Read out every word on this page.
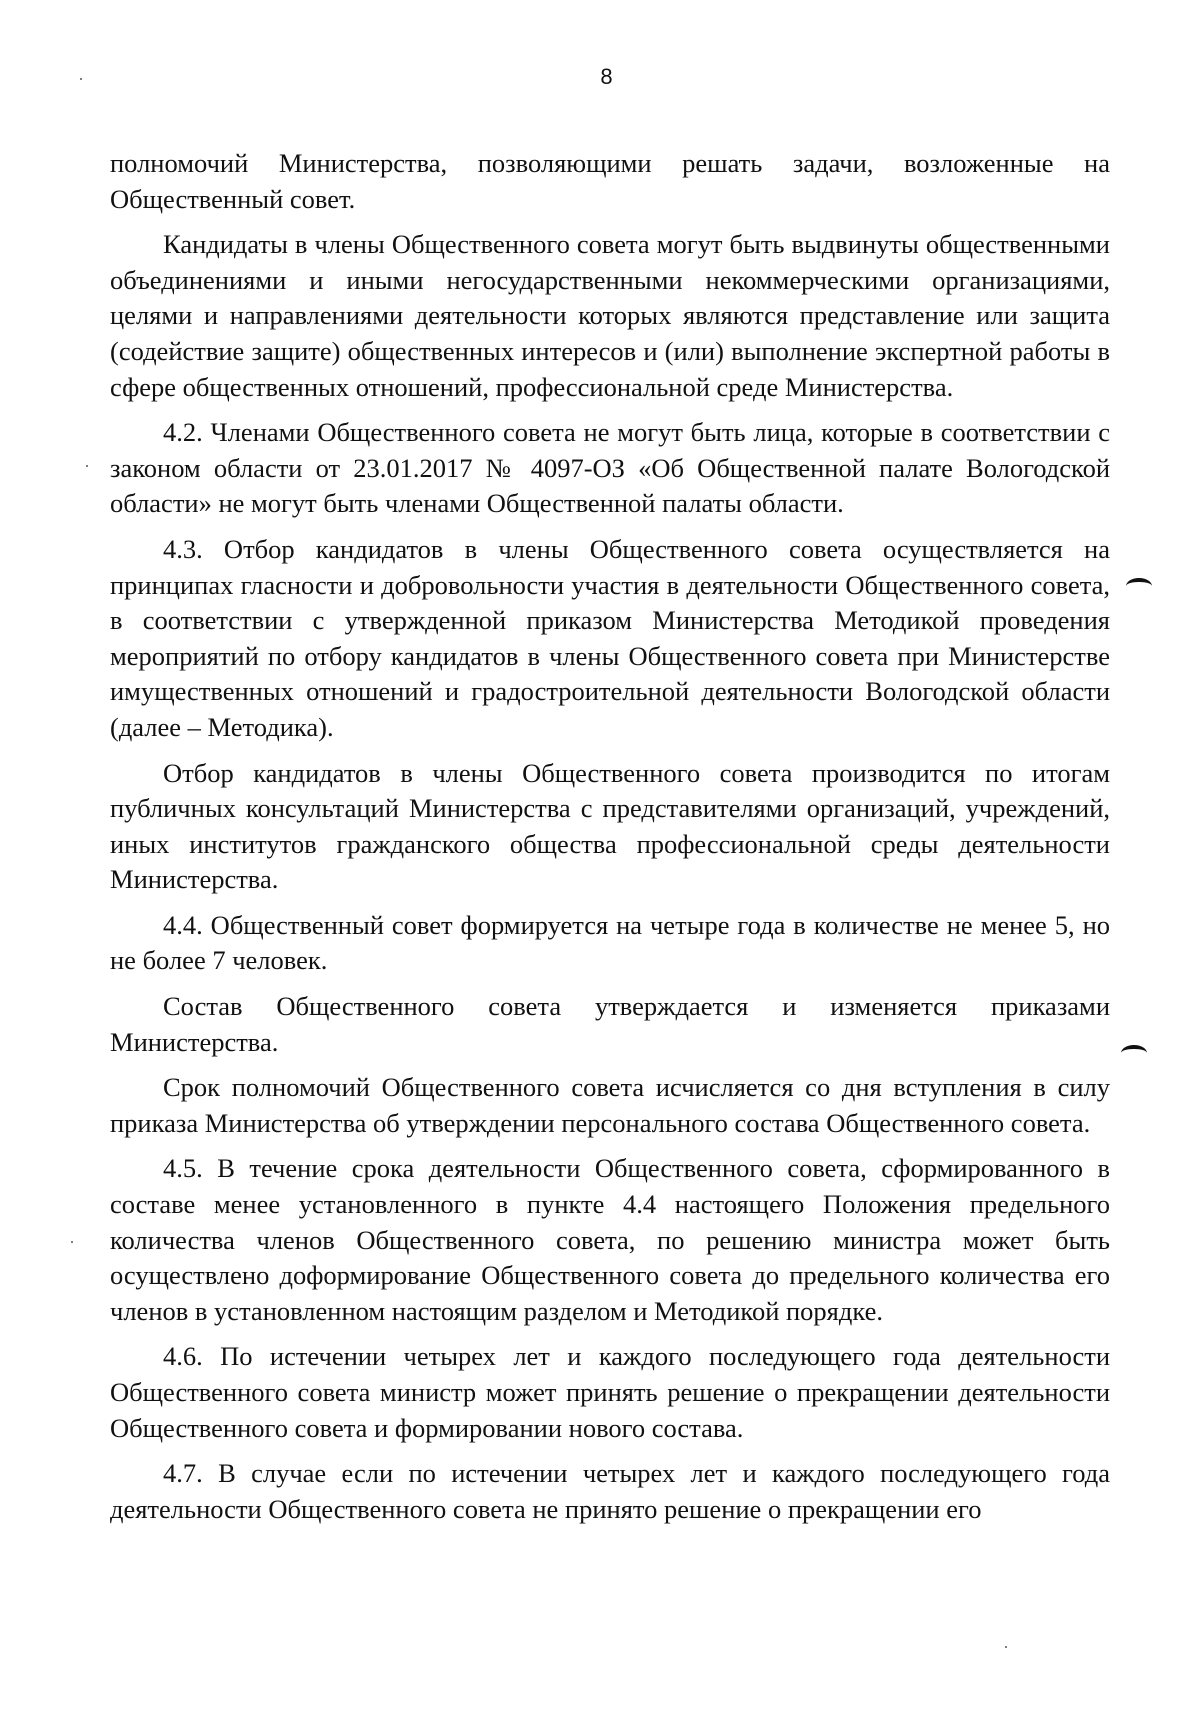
8

полномочий Министерства, позволяющими решать задачи, возложенные на Общественный совет.

Кандидаты в члены Общественного совета могут быть выдвинуты общественными объединениями и иными негосударственными некоммерческими организациями, целями и направлениями деятельности которых являются представление или защита (содействие защите) общественных интересов и (или) выполнение экспертной работы в сфере общественных отношений, профессиональной среде Министерства.

4.2. Членами Общественного совета не могут быть лица, которые в соответствии с законом области от 23.01.2017 № 4097-ОЗ «Об Общественной палате Вологодской области» не могут быть членами Общественной палаты области.

4.3. Отбор кандидатов в члены Общественного совета осуществляется на принципах гласности и добровольности участия в деятельности Общественного совета, в соответствии с утвержденной приказом Министерства Методикой проведения мероприятий по отбору кандидатов в члены Общественного совета при Министерстве имущественных отношений и градостроительной деятельности Вологодской области (далее – Методика).

Отбор кандидатов в члены Общественного совета производится по итогам публичных консультаций Министерства с представителями организаций, учреждений, иных институтов гражданского общества профессиональной среды деятельности Министерства.

4.4. Общественный совет формируется на четыре года в количестве не менее 5, но не более 7 человек.

Состав Общественного совета утверждается и изменяется приказами Министерства.

Срок полномочий Общественного совета исчисляется со дня вступления в силу приказа Министерства об утверждении персонального состава Общественного совета.

4.5. В течение срока деятельности Общественного совета, сформированного в составе менее установленного в пункте 4.4 настоящего Положения предельного количества членов Общественного совета, по решению министра может быть осуществлено доформирование Общественного совета до предельного количества его членов в установленном настоящим разделом и Методикой порядке.

4.6. По истечении четырех лет и каждого последующего года деятельности Общественного совета министр может принять решение о прекращении деятельности Общественного совета и формировании нового состава.

4.7. В случае если по истечении четырех лет и каждого последующего года деятельности Общественного совета не принято решение о прекращении его
